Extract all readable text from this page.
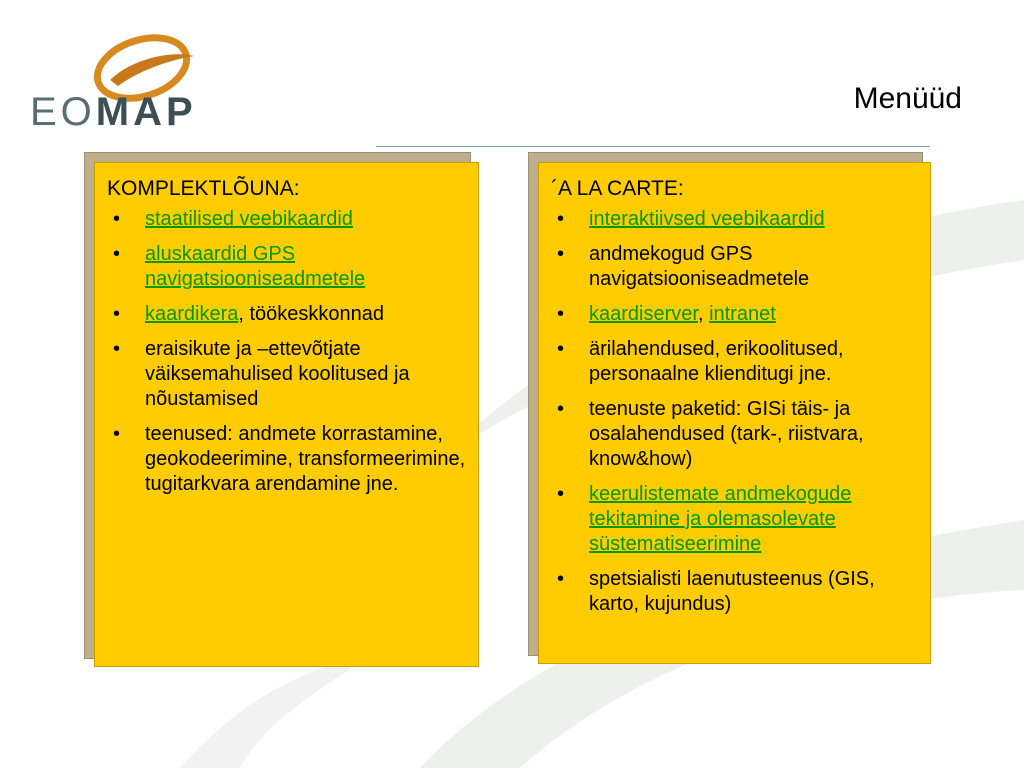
EOMAP	Menüüd
KOMPLEKTLÕUNA:
• staatilised veebikaardid
• aluskaardid GPS navigatsiooniseadmetele
• kaardikera, töökeskkonnad
• eraisikute ja –ettevõtjate väiksemahulised koolitused ja nõustamised
• teenused: andmete korrastamine, geokodeerimine, transformeerimine, tugitarkvara arendamine jne.
´A LA CARTE:
• interaktiivsed veebikaardid
• andmekogud GPS navigatsiooniseadmetele
• kaardiserver, intranet
• ärilahendused, erikoolitused, personaalne klienditugi jne.
• teenuste paketid: GISi täis- ja osalahendused (tark-, riistvara, know&how)
• keerulistemate andmekogude tekitamine ja olemasolevate süstematiseerimine
• spetsialisti laenutusteenus (GIS, karto, kujundus)
